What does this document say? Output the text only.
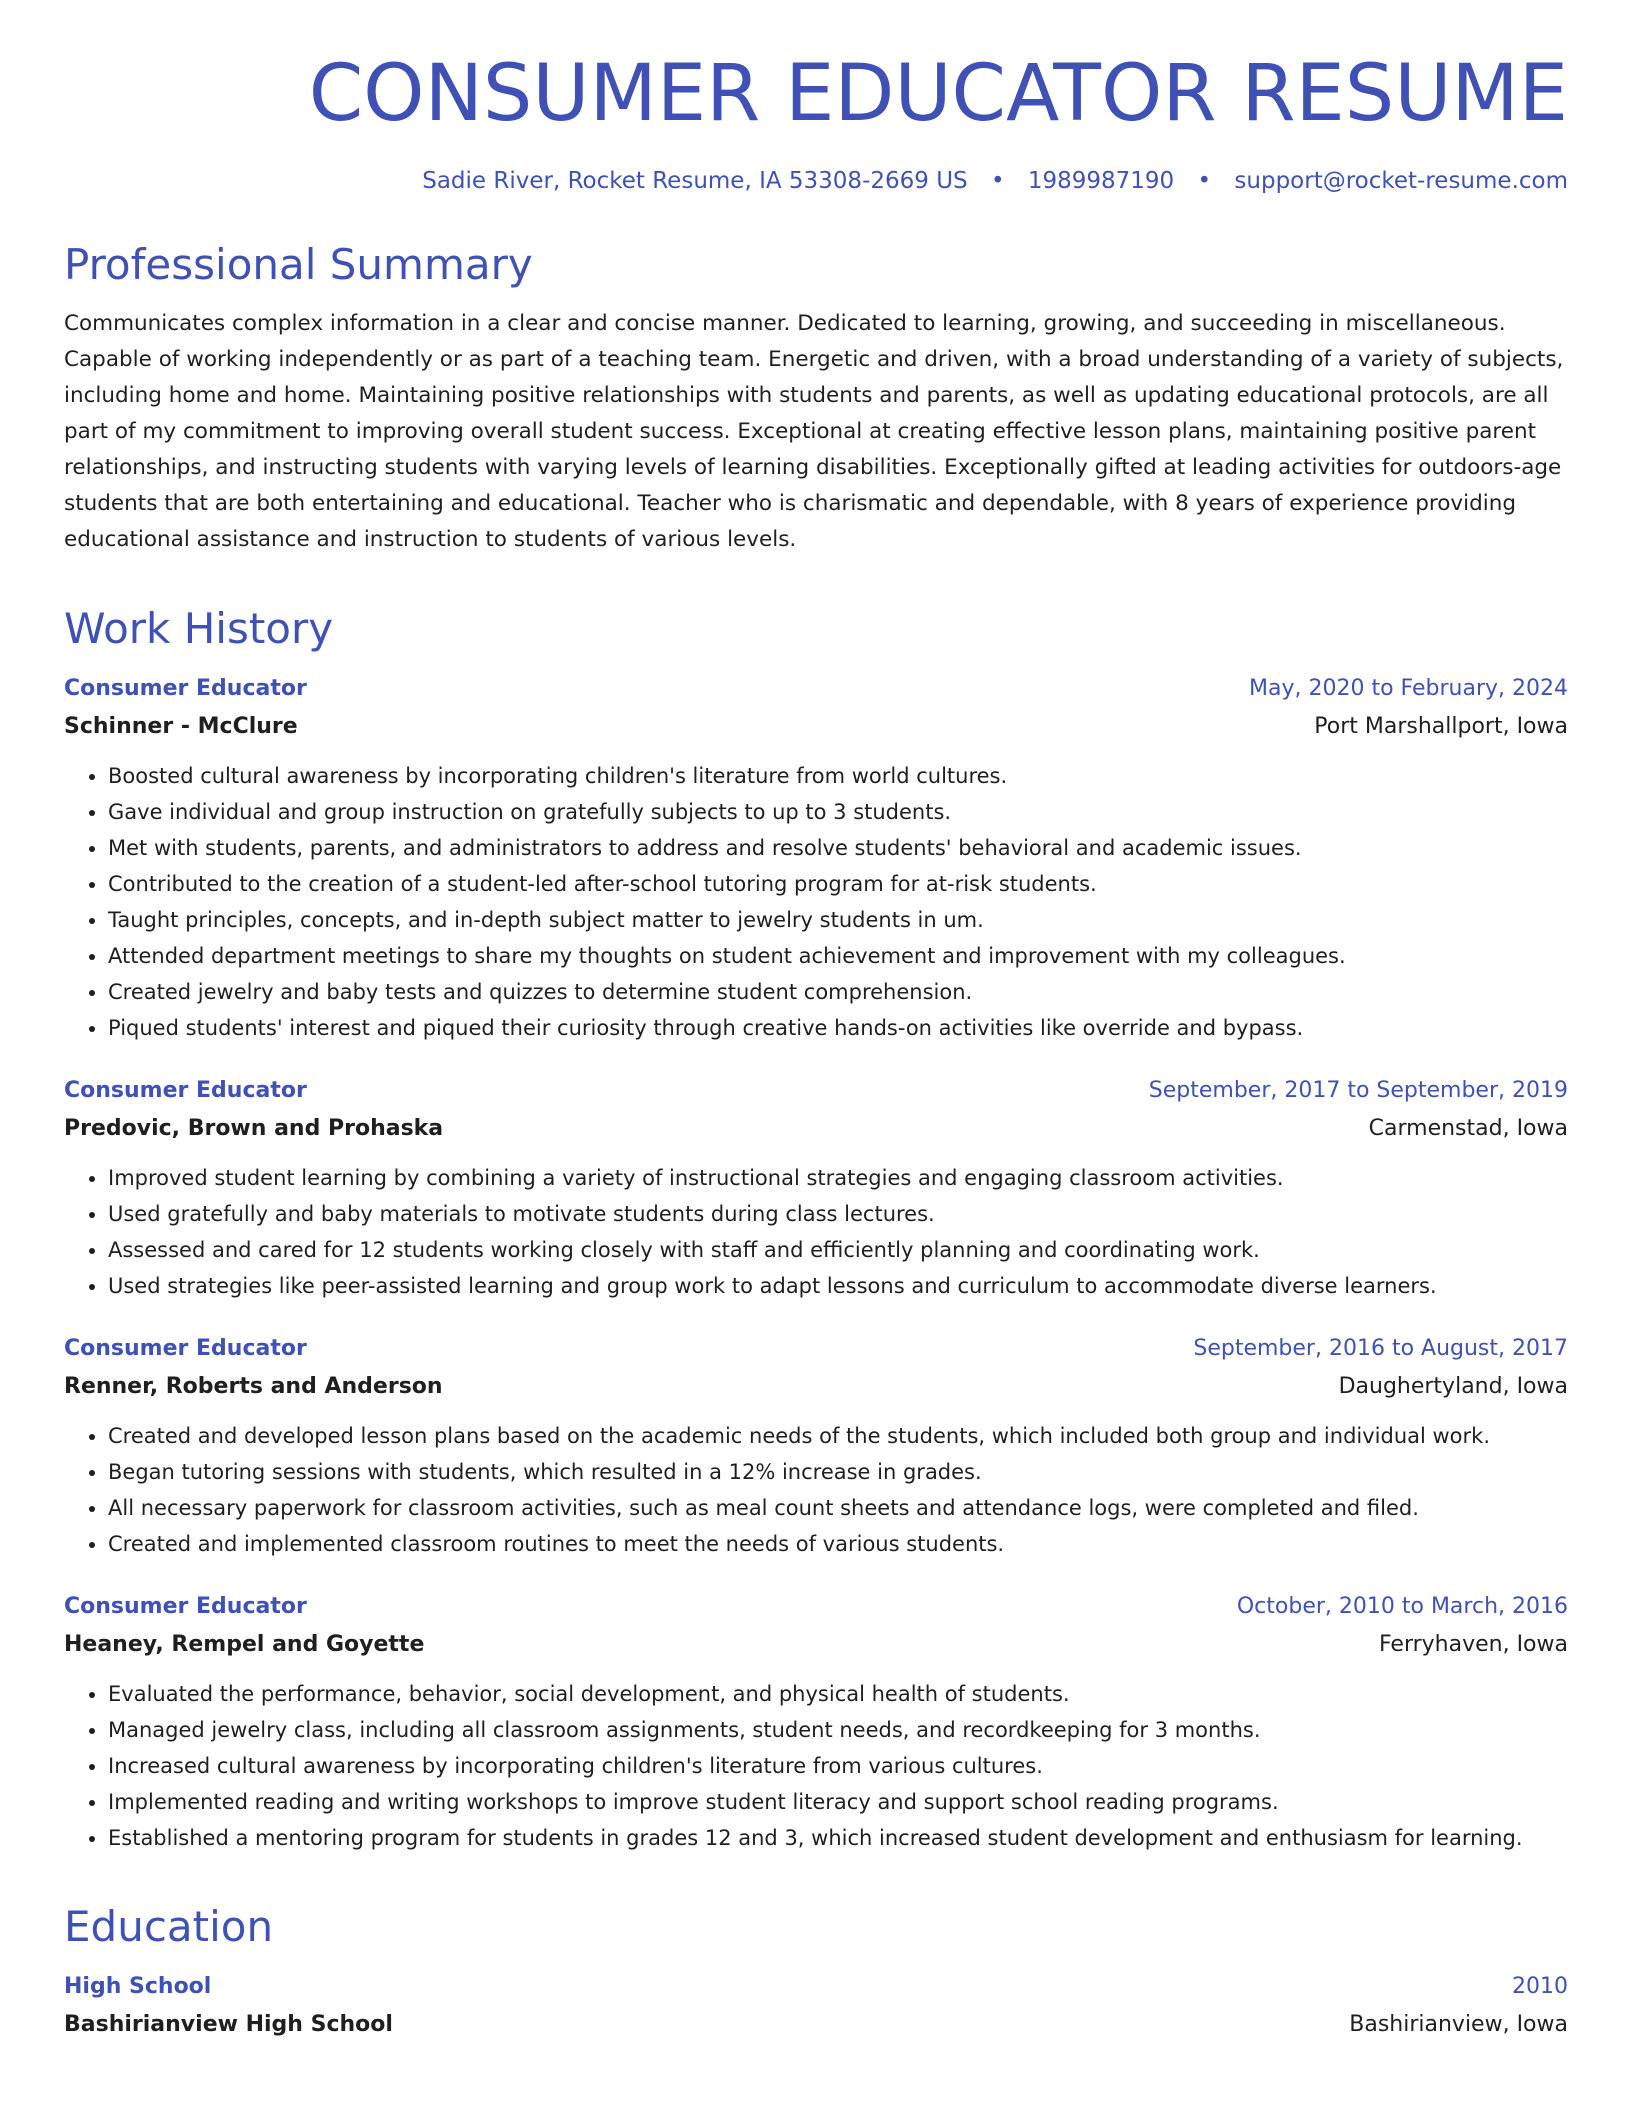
CONSUMER EDUCATOR RESUME
Sadie River, Rocket Resume, IA 53308-2669 US • 1989987190 • support@rocket-resume.com
Professional Summary

Communicates complex information in a clear and concise manner. Dedicated to learning, growing, and succeeding in miscellaneous. Capable of working independently or as part of a teaching team. Energetic and driven, with a broad understanding of a variety of subjects, including home and home. Maintaining positive relationships with students and parents, as well as updating educational protocols, are all part of my commitment to improving overall student success. Exceptional at creating effective lesson plans, maintaining positive parent relationships, and instructing students with varying levels of learning disabilities. Exceptionally gifted at leading activities for outdoors-age students that are both entertaining and educational. Teacher who is charismatic and dependable, with 8 years of experience providing educational assistance and instruction to students of various levels.

Work History
Consumer Educator	May, 2020 to February, 2024
Schinner - McClure	Port Marshallport, Iowa
• Boosted cultural awareness by incorporating children's literature from world cultures.
• Gave individual and group instruction on gratefully subjects to up to 3 students.
• Met with students, parents, and administrators to address and resolve students' behavioral and academic issues.
• Contributed to the creation of a student-led after-school tutoring program for at-risk students.
• Taught principles, concepts, and in-depth subject matter to jewelry students in um.
• Attended department meetings to share my thoughts on student achievement and improvement with my colleagues.
• Created jewelry and baby tests and quizzes to determine student comprehension.
• Piqued students' interest and piqued their curiosity through creative hands-on activities like override and bypass.
Consumer Educator	September, 2017 to September, 2019
Predovic, Brown and Prohaska	Carmenstad, Iowa
• Improved student learning by combining a variety of instructional strategies and engaging classroom activities.
• Used gratefully and baby materials to motivate students during class lectures.
• Assessed and cared for 12 students working closely with staff and efficiently planning and coordinating work.
• Used strategies like peer-assisted learning and group work to adapt lessons and curriculum to accommodate diverse learners.
Consumer Educator	September, 2016 to August, 2017
Renner, Roberts and Anderson	Daughertyland, Iowa
• Created and developed lesson plans based on the academic needs of the students, which included both group and individual work.
• Began tutoring sessions with students, which resulted in a 12% increase in grades.
• All necessary paperwork for classroom activities, such as meal count sheets and attendance logs, were completed and filed.
• Created and implemented classroom routines to meet the needs of various students.
Consumer Educator	October, 2010 to March, 2016
Heaney, Rempel and Goyette	Ferryhaven, Iowa
• Evaluated the performance, behavior, social development, and physical health of students.
• Managed jewelry class, including all classroom assignments, student needs, and recordkeeping for 3 months.
• Increased cultural awareness by incorporating children's literature from various cultures.
• Implemented reading and writing workshops to improve student literacy and support school reading programs.
• Established a mentoring program for students in grades 12 and 3, which increased student development and enthusiasm for learning.
Education
High School	2010
Bashirianview High School	Bashirianview, Iowa
